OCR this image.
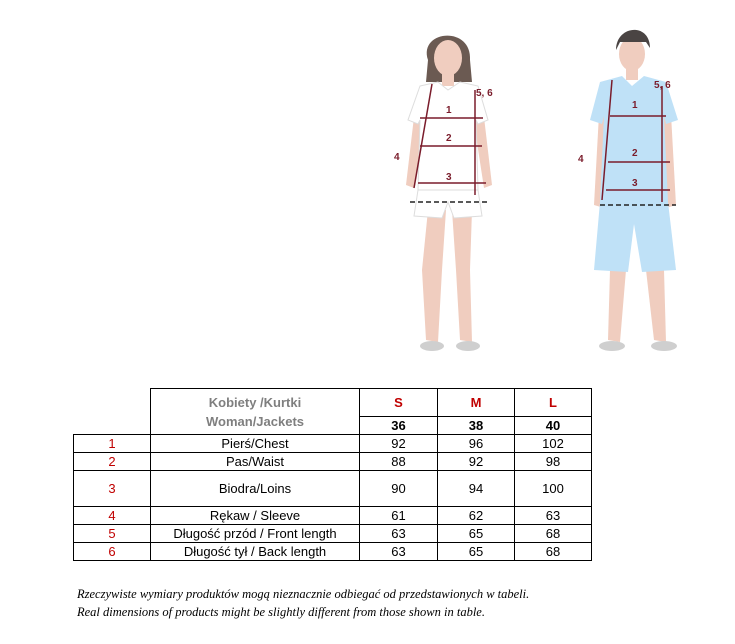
1
2
3
4
5, 6
1
2
3
4
5, 6

	Kobiety /Kurtki
Woman/Jackets	S	M	L
		36	38	40
1	Pierś/Chest	92	96	102
2	Pas/Waist	88	92	98
3	Biodra/Loins	90	94	100
4	Rękaw / Sleeve	61	62	63
5	Długość przód / Front length	63	65	68
6	Długość tył / Back length	63	65	68
Rzeczywiste wymiary produktów mogą nieznacznie odbiegać od przedstawionych w tabeli.
Real dimensions of products might be slightly different from those shown in table.
